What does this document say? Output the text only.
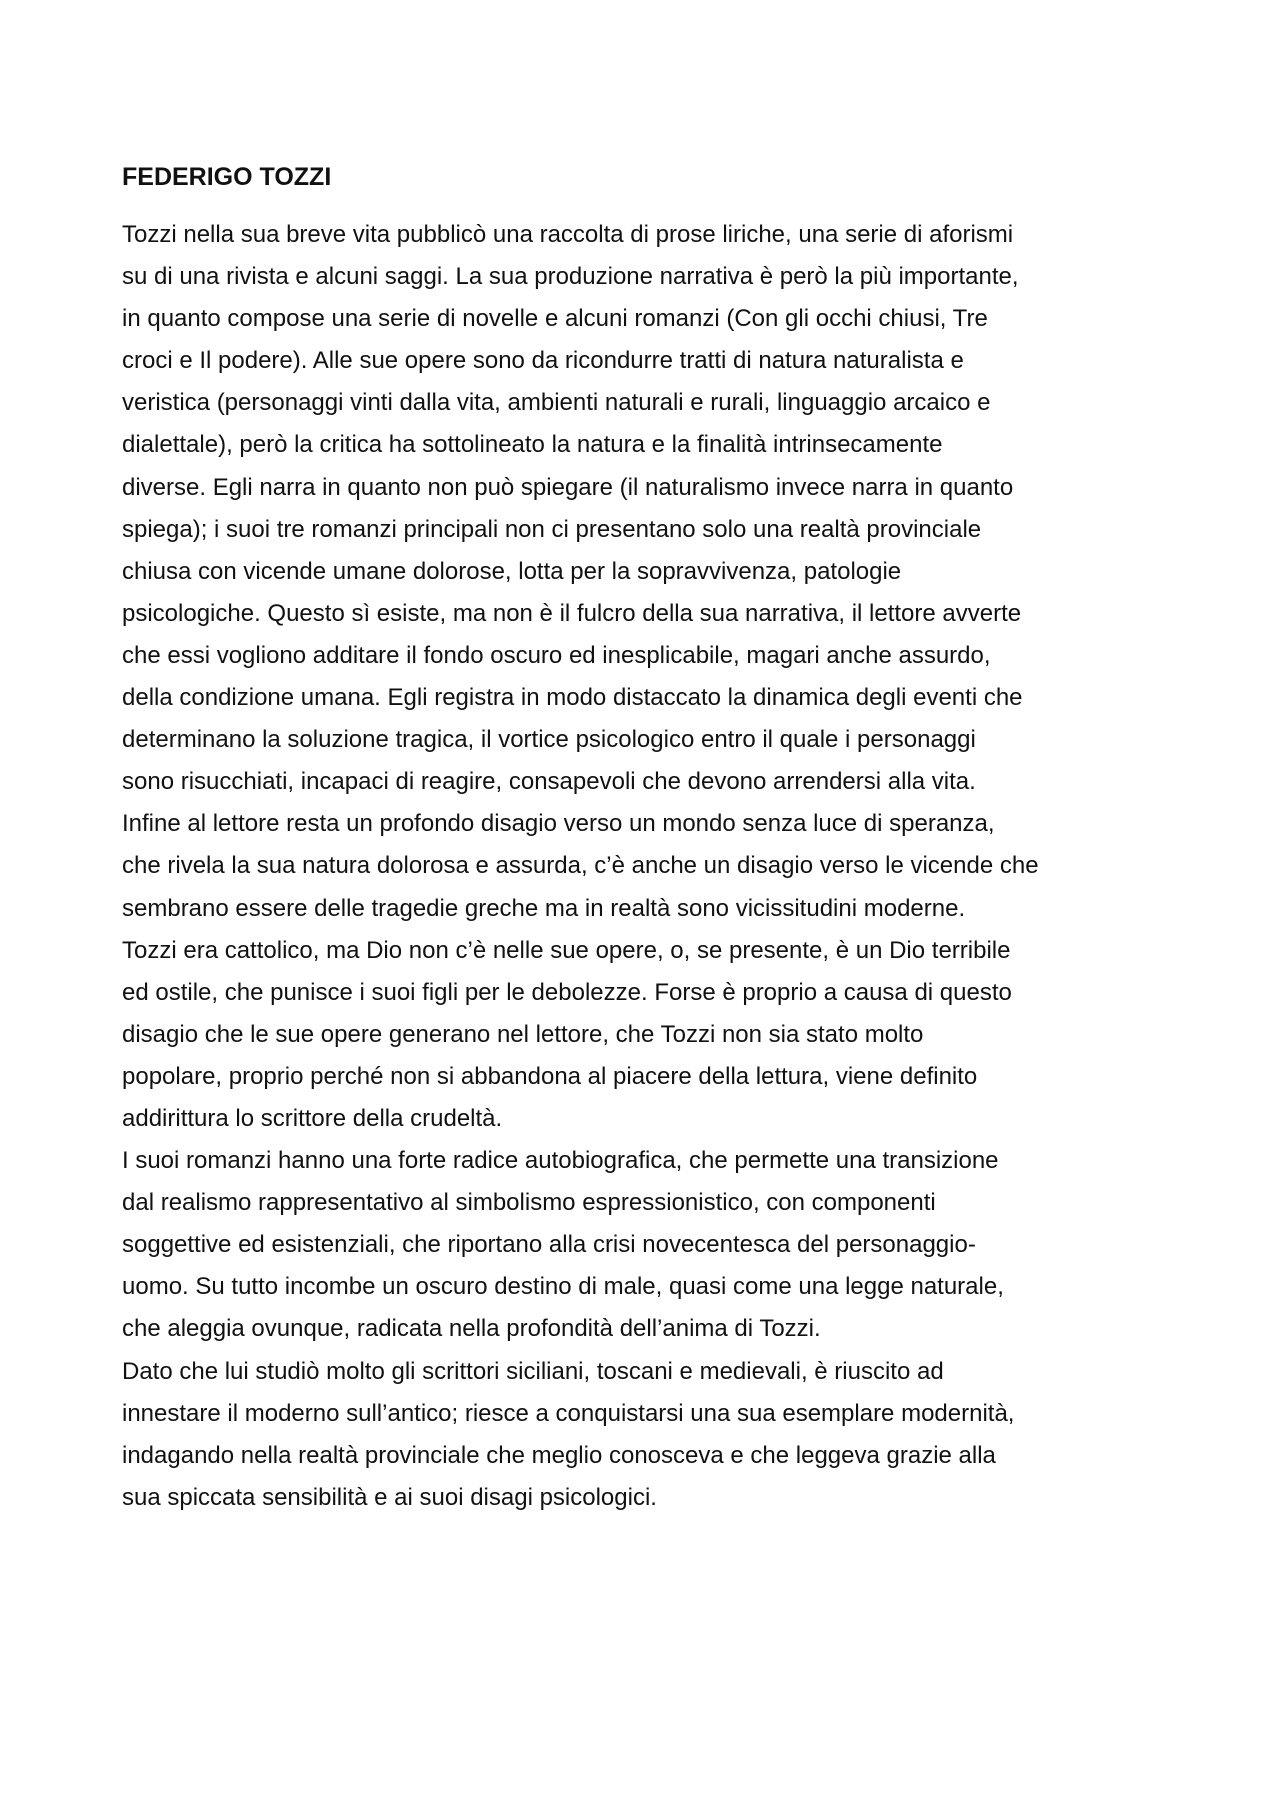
FEDERIGO TOZZI
Tozzi nella sua breve vita pubblicò una raccolta di prose liriche, una serie di aforismi
su di una rivista e alcuni saggi. La sua produzione narrativa è però la più importante,
in quanto compose una serie di novelle e alcuni romanzi (Con gli occhi chiusi, Tre
croci e Il podere). Alle sue opere sono da ricondurre tratti di natura naturalista e
veristica (personaggi vinti dalla vita, ambienti naturali e rurali, linguaggio arcaico e
dialettale), però la critica ha sottolineato la natura e la finalità intrinsecamente
diverse. Egli narra in quanto non può spiegare (il naturalismo invece narra in quanto
spiega); i suoi tre romanzi principali non ci presentano solo una realtà provinciale
chiusa con vicende umane dolorose, lotta per la sopravvivenza, patologie
psicologiche. Questo sì esiste, ma non è il fulcro della sua narrativa, il lettore avverte
che essi vogliono additare il fondo oscuro ed inesplicabile, magari anche assurdo,
della condizione umana. Egli registra in modo distaccato la dinamica degli eventi che
determinano la soluzione tragica, il vortice psicologico entro il quale i personaggi
sono risucchiati, incapaci di reagire, consapevoli che devono arrendersi alla vita.
Infine al lettore resta un profondo disagio verso un mondo senza luce di speranza,
che rivela la sua natura dolorosa e assurda, c’è anche un disagio verso le vicende che
sembrano essere delle tragedie greche ma in realtà sono vicissitudini moderne.
Tozzi era cattolico, ma Dio non c’è nelle sue opere, o, se presente, è un Dio terribile
ed ostile, che punisce i suoi figli per le debolezze. Forse è proprio a causa di questo
disagio che le sue opere generano nel lettore, che Tozzi non sia stato molto
popolare, proprio perché non si abbandona al piacere della lettura, viene definito
addirittura lo scrittore della crudeltà.
I suoi romanzi hanno una forte radice autobiografica, che permette una transizione
dal realismo rappresentativo al simbolismo espressionistico, con componenti
soggettive ed esistenziali, che riportano alla crisi novecentesca del personaggio-
uomo. Su tutto incombe un oscuro destino di male, quasi come una legge naturale,
che aleggia ovunque, radicata nella profondità dell’anima di Tozzi.
Dato che lui studiò molto gli scrittori siciliani, toscani e medievali, è riuscito ad
innestare il moderno sull’antico; riesce a conquistarsi una sua esemplare modernità,
indagando nella realtà provinciale che meglio conosceva e che leggeva grazie alla
sua spiccata sensibilità e ai suoi disagi psicologici.
